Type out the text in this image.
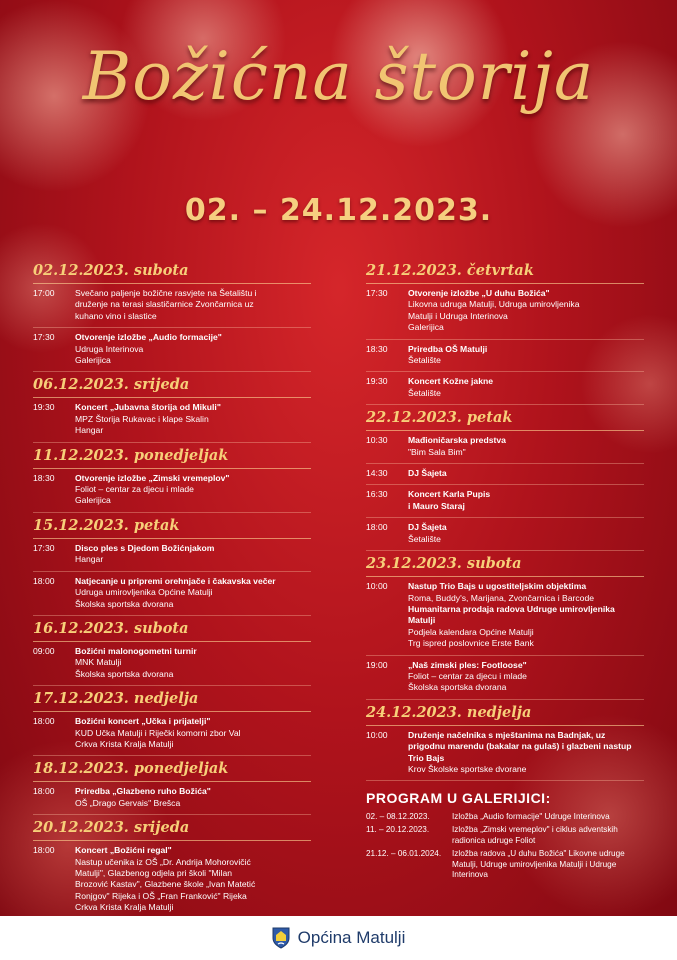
Božićna štorija
02. – 24.12.2023.
02.12.2023. subota
17:00	Svečano paljenje božične rasvjete na Šetalištu i
druženje na terasi slastičarnice Zvončarnica uz
kuhano vino i slastice
17:30	Otvorenje izložbe „Audio formacije"
Udruga Interinova
Galerijica
06.12.2023. srijeda
19:30	Koncert „Jubavna štorija od Mikuli"
MPZ Štorija Rukavac i klape Skalin
Hangar
11.12.2023. ponedjeljak
18:30	Otvorenje izložbe „Zimski vremeplov"
Foliot – centar za djecu i mlade
Galerijica
15.12.2023. petak
17:30	Disco ples s Djedom Božićnjakom
Hangar
18:00	Natjecanje u pripremi orehnjače i čakavska večer
Udruga umirovljenika Općine Matulji
Školska sportska dvorana
16.12.2023. subota
09:00	Božićni malonogometni turnir
MNK Matulji
Školska sportska dvorana
17.12.2023. nedjelja
18:00	Božićni koncert „Učka i prijatelji"
KUD Učka Matulji i Riječki komorni zbor Val
Crkva Krista Kralja Matulji
18.12.2023. ponedjeljak
18:00	Priredba „Glazbeno ruho Božića"
OŠ „Drago Gervais" Brešca
20.12.2023. srijeda
18:00	Koncert „Božićni regal"
Nastup učenika iz OŠ „Dr. Andrija Mohorovičić
Matulji", Glazbenog odjela pri školi "Milan
Brozović Kastav", Glazbene škole „Ivan Matetić
Ronjgov" Rijeka i OŠ „Fran Franković" Rijeka
Crkva Krista Kralja Matulji
21.12.2023. četvrtak
17:30	Otvorenje izložbe „U duhu Božića"
Likovna udruga Matulji, Udruga umirovljenika
Matulji i Udruga Interinova
Galerijica
18:30	Priredba OŠ Matulji
Šetalište
19:30	Koncert Kožne jakne
Šetalište
22.12.2023. petak
10:30	Mađioničarska predstva
"Bim Sala Bim"
14:30	DJ Šajeta
16:30	Koncert Karla Pupis
i Mauro Staraj
18:00	DJ Šajeta
Šetalište
23.12.2023. subota
10:00	Nastup Trio Bajs u ugostiteljskim objektima
Roma, Buddy's, Marijana, Zvončarnica i Barcode
Humanitarna prodaja radova Udruge umirovljenika Matulji
Podjela kalendara Općine Matulji
Trg ispred poslovnice Erste Bank
19:00	„Naš zimski ples: Footloose"
Foliot – centar za djecu i mlade
Školska sportska dvorana
24.12.2023. nedjelja
10:00	Druženje načelnika s mještanima na Badnjak, uz prigodnu marendu (bakalar na gulaš) i glazbeni nastup Trio Bajs
Krov Školske sportske dvorane
PROGRAM U GALERIJICI:
02. – 08.12.2023.	Izložba „Audio formacije" Udruge Interinova
11. – 20.12.2023.	Izložba „Zimski vremeplov" i ciklus adventskih radionica udruge Foliot
21.12. – 06.01.2024.	Izložba radova „U duhu Božića" Likovne udruge Matulji, Udruge umirovljenika Matulji i Udruge Interinova
Općina Matulji
